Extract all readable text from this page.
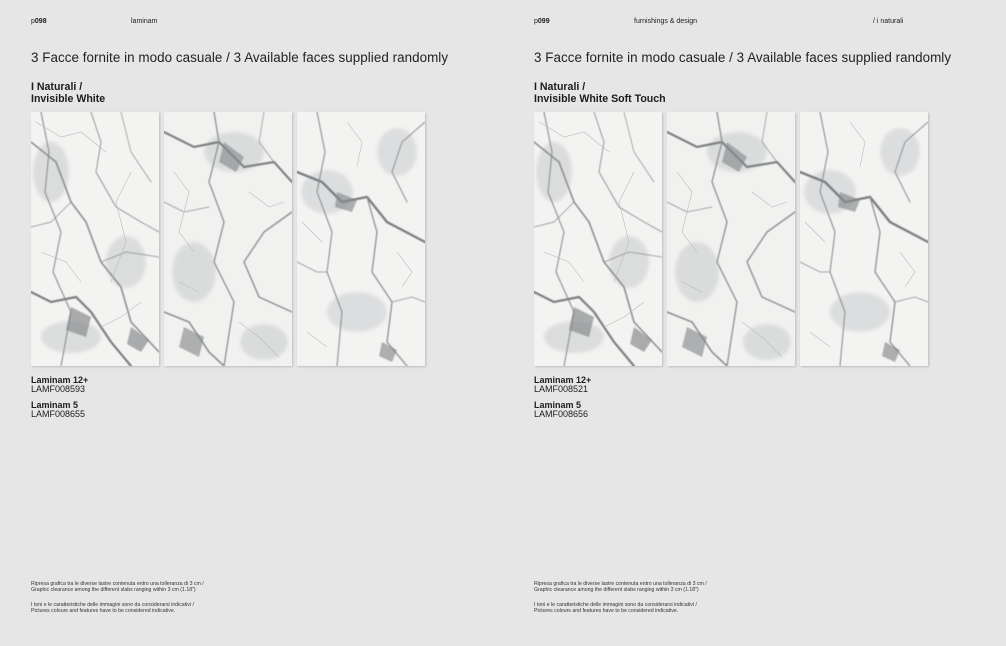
p098	laminam
3 Facce fornite in modo casuale / 3 Available faces supplied randomly
I Naturali /
Invisible White
Laminam 12+
LAMF008593
Laminam 5
LAMF008655
Ripresa grafica tra le diverse lastre contenuta entro una tolleranza di 3 cm /
Graphic clearance among the different slabs ranging within 3 cm (1.18")
I toni e le caratteristiche delle immagini sono da considerarsi indicativi /
Pictures colours and features have to be considered indicative.
p099	furnishings & design	/ i naturali
3 Facce fornite in modo casuale / 3 Available faces supplied randomly
I Naturali /
Invisible White Soft Touch
Laminam 12+
LAMF008521
Laminam 5
LAMF008656
Ripresa grafica tra le diverse lastre contenuta entro una tolleranza di 3 cm /
Graphic clearance among the different slabs ranging within 3 cm (1.18")
I toni e le caratteristiche delle immagini sono da considerarsi indicativi /
Pictures colours and features have to be considered indicative.
